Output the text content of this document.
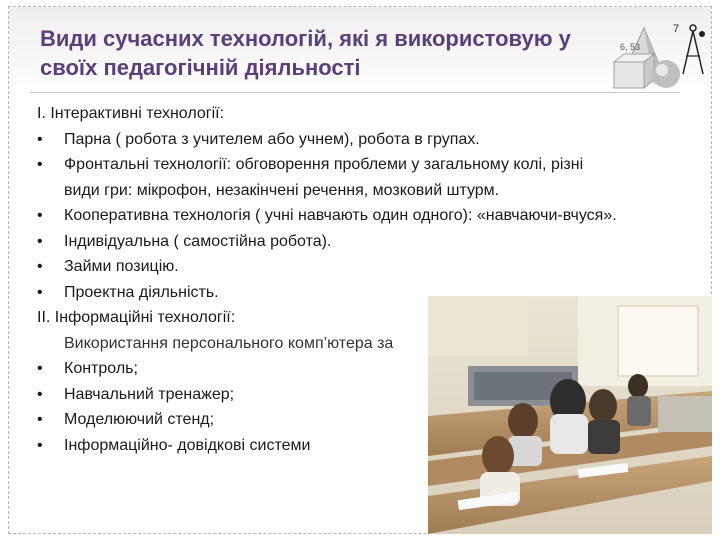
Види сучасних технологій, які я використовую у
своїх педагогічній діяльності
6, 53
7
І. Інтерактивні технології:
•	Парна ( робота з учителем або учнем), робота в групах.
•	Фронтальні технології: обговорення проблеми у загальному колі, різні
види гри: мікрофон, незакінчені речення, мозковий штурм.
•	Кооперативна технологія ( учні навчають один одного): «навчаючи-вчуся».
•	Індивідуальна ( самостійна робота).
•	Займи позицію.
•	Проектна діяльність.
ІІ. Інформаційні технології:
Використання персонального комп’ютера за
•	Контроль;
•	Навчальний тренажер;
•	Моделюючий стенд;
•	Інформаційно- довідкові системи
